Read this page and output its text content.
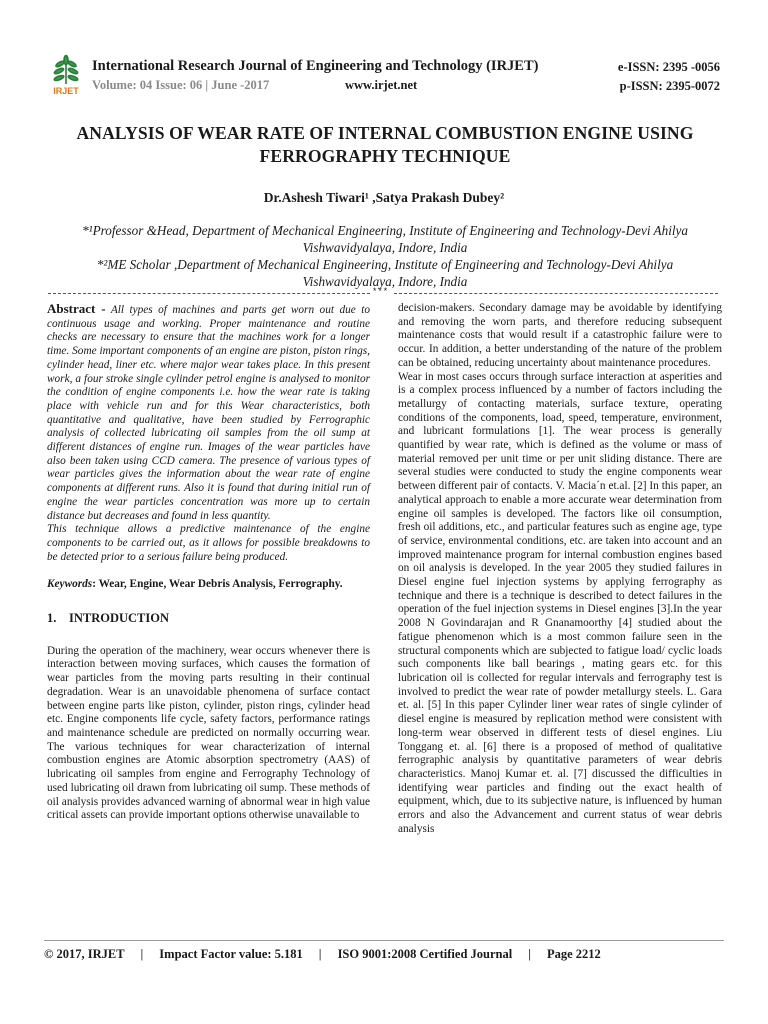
IRJET
International Research Journal of Engineering and Technology (IRJET)
Volume: 04 Issue: 06 | June -2017	www.irjet.net
e-ISSN: 2395 -0056
p-ISSN: 2395-0072
ANALYSIS OF WEAR RATE OF INTERNAL COMBUSTION ENGINE USING
FERROGRAPHY TECHNIQUE
Dr.Ashesh Tiwari¹ ,Satya Prakash Dubey²
*¹Professor &Head, Department of Mechanical Engineering, Institute of Engineering and Technology-Devi Ahilya
Vishwavidyalaya, Indore, India
*²ME Scholar ,Department of Mechanical Engineering, Institute of Engineering and Technology-Devi Ahilya
Vishwavidyalaya, Indore, India
***

Abstract - All types of machines and parts get worn out due to continuous usage and working. Proper maintenance and routine checks are necessary to ensure that the machines work for a longer time. Some important components of an engine are piston, piston rings, cylinder head, liner etc. where major wear takes place. In this present work, a four stroke single cylinder petrol engine is analysed to monitor the condition of engine components i.e. how the wear rate is taking place with vehicle run and for this Wear characteristics, both quantitative and qualitative, have been studied by Ferrographic analysis of collected lubricating oil samples from the oil sump at different distances of engine run. Images of the wear particles have also been taken using CCD camera. The presence of various types of wear particles gives the information about the wear rate of engine components at different runs. Also it is found that during initial run of engine the wear particles concentration was more up to certain distance but decreases and found in less quantity.

This technique allows a predictive maintenance of the engine components to be carried out, as it allows for possible breakdowns to be detected prior to a serious failure being produced.

Keywords: Wear, Engine, Wear Debris Analysis, Ferrography.

1. INTRODUCTION

During the operation of the machinery, wear occurs whenever there is interaction between moving surfaces, which causes the formation of wear particles from the moving parts resulting in their continual degradation. Wear is an unavoidable phenomena of surface contact between engine parts like piston, cylinder, piston rings, cylinder head etc. Engine components life cycle, safety factors, performance ratings and maintenance schedule are predicted on normally occurring wear. The various techniques for wear characterization of internal combustion engines are Atomic absorption spectrometry (AAS) of lubricating oil samples from engine and Ferrography Technology of used lubricating oil drawn from lubricating oil sump. These methods of oil analysis provides advanced warning of abnormal wear in high value critical assets can provide important options otherwise unavailable to

decision-makers. Secondary damage may be avoidable by identifying and removing the worn parts, and therefore reducing subsequent maintenance costs that would result if a catastrophic failure were to occur. In addition, a better understanding of the nature of the problem can be obtained, reducing uncertainty about maintenance procedures.

Wear in most cases occurs through surface interaction at asperities and is a complex process influenced by a number of factors including the metallurgy of contacting materials, surface texture, operating conditions of the components, load, speed, temperature, environment, and lubricant formulations [1]. The wear process is generally quantified by wear rate, which is defined as the volume or mass of material removed per unit time or per unit sliding distance. There are several studies were conducted to study the engine components wear between different pair of contacts. V. Macia´n et.al. [2] In this paper, an analytical approach to enable a more accurate wear determination from engine oil samples is developed. The factors like oil consumption, fresh oil additions, etc., and particular features such as engine age, type of service, environmental conditions, etc. are taken into account and an improved maintenance program for internal combustion engines based on oil analysis is developed. In the year 2005 they studied failures in Diesel engine fuel injection systems by applying ferrography as technique and there is a technique is described to detect failures in the operation of the fuel injection systems in Diesel engines [3].In the year 2008 N Govindarajan and R Gnanamoorthy [4] studied about the fatigue phenomenon which is a most common failure seen in the structural components which are subjected to fatigue load/ cyclic loads such components like ball bearings , mating gears etc. for this lubrication oil is collected for regular intervals and ferrography test is involved to predict the wear rate of powder metallurgy steels. L. Gara et. al. [5] In this paper Cylinder liner wear rates of single cylinder of diesel engine is measured by replication method were consistent with long-term wear observed in different tests of diesel engines. Liu Tonggang et. al. [6] there is a proposed of method of qualitative ferrographic analysis by quantitative parameters of wear debris characteristics. Manoj Kumar et. al. [7] discussed the difficulties in identifying wear particles and finding out the exact health of equipment, which, due to its subjective nature, is influenced by human errors and also the Advancement and current status of wear debris analysis

© 2017, IRJET | Impact Factor value: 5.181 | ISO 9001:2008 Certified Journal | Page 2212
